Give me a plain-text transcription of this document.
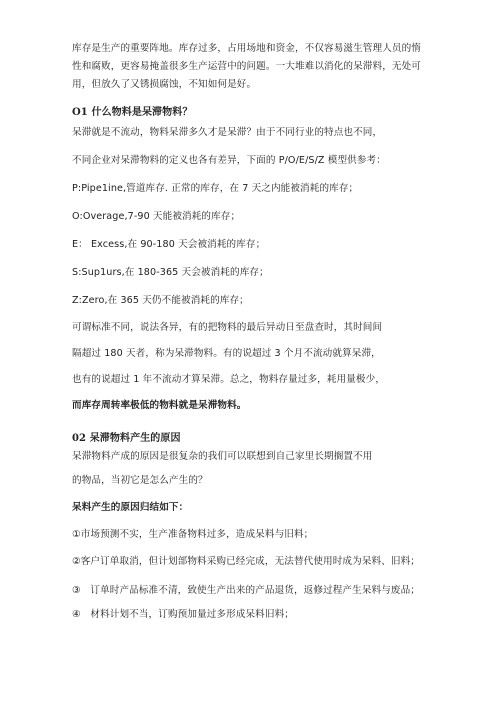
库存是生产的重要阵地。库存过多，占用场地和资金，不仅容易滋生管理人员的惰
性和腐败，更容易掩盖很多生产运营中的问题。一大堆难以消化的呆滞料，无处可
用，但放久了又锈损腐蚀，不知如何是好。
O1 什么物料是呆滞物料？
呆滞就是不流动，物料呆滞多久才是呆滞？由于不同行业的特点也不同，
不同企业对呆滞物料的定义也各有差异，下面的 P/O/E/S/Z 模型供参考：
P:Pipe1ine,管道库存. 正常的库存，在 7 天之内能被消耗的库存；
O:Overage,7-90 天能被消耗的库存；
E： Excess,在 90-180 天会被消耗的库存；
S:Sup1urs,在 180-365 天会被消耗的库存；
Z:Zero,在 365 天仍不能被消耗的库存；
可谓标准不同，说法各异，有的把物料的最后异动日至盘查时，其时间间
隔超过 180 天者，称为呆滞物料。有的说超过 3 个月不流动就算呆滞，
也有的说超过 1 年不流动才算呆滞。总之，物料存量过多，耗用量极少，
而库存周转率极低的物料就是呆滞物料。
02 呆滞物料产生的原因
呆滞物料产成的原因是很复杂的我们可以联想到自己家里长期搁置不用
的物品，当初它是怎么产生的？
呆料产生的原因归结如下：
①市场预测不实，生产准备物料过多，造成呆料与旧料；
②客户订单取消，但计划部物料采购已经完成，无法替代使用时成为呆料、旧料；
③　订单时产品标准不清，致使生产出来的产品退货，返修过程产生呆料与废品；
④　材料计划不当，订购预加量过多形成呆料旧料；
